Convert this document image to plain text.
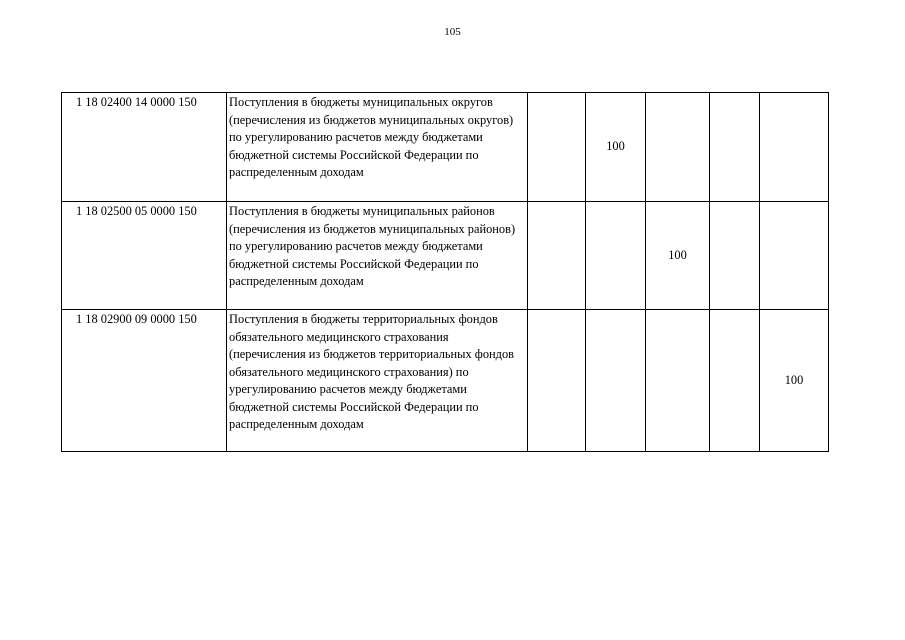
105
1 18 02400 14 0000 150	Поступления в бюджеты муниципальных округов (перечисления из бюджетов муниципальных округов) по урегулированию расчетов между бюджетами бюджетной системы Российской Федерации по распределенным доходам		100			
1 18 02500 05 0000 150	Поступления в бюджеты муниципальных районов (перечисления из бюджетов муниципальных районов) по урегулированию расчетов между бюджетами бюджетной системы Российской Федерации по распределенным доходам			100		
1 18 02900 09 0000 150	Поступления в бюджеты территориальных фондов обязательного медицинского страхования (перечисления из бюджетов территориальных фондов обязательного медицинского страхования) по урегулированию расчетов между бюджетами бюджетной системы Российской Федерации по распределенным доходам					100
